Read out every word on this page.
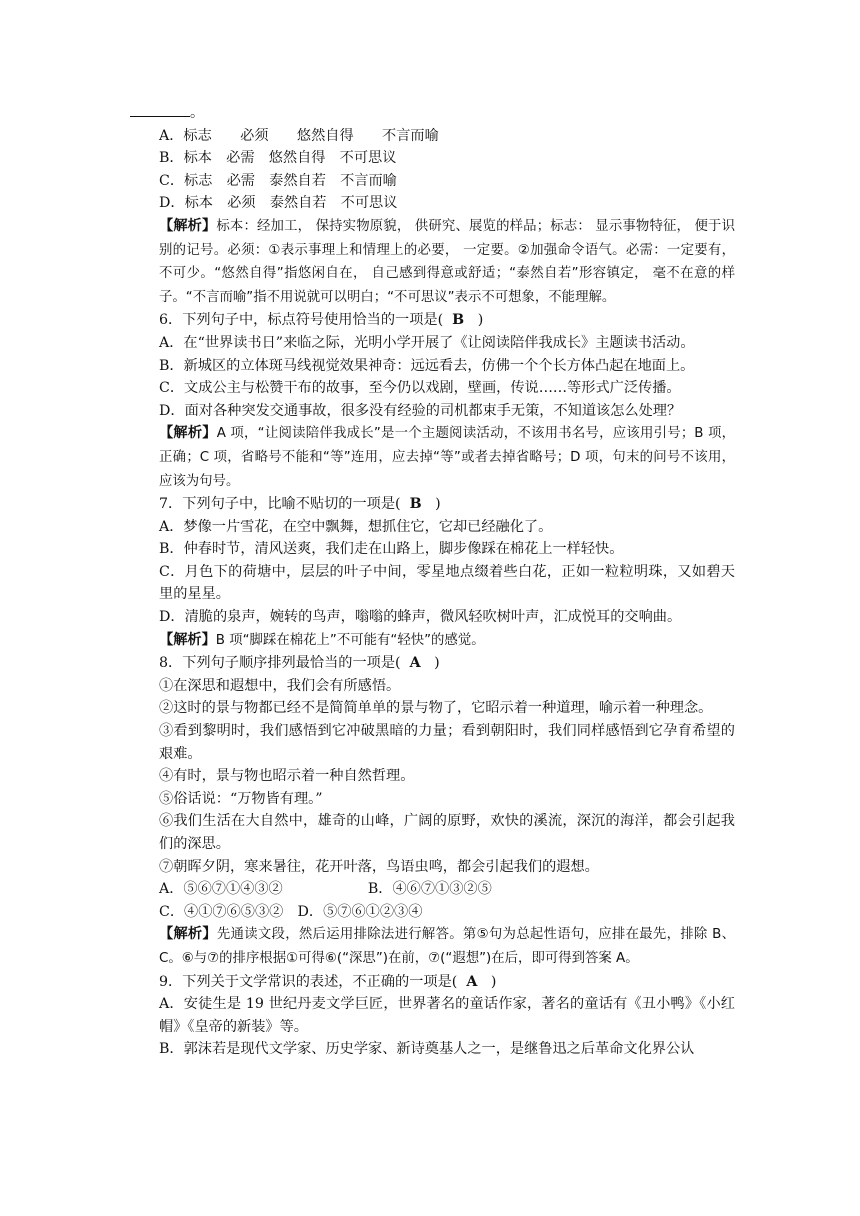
。
A．标志　　必须　　悠然自得　　不言而喻
B．标本　必需　悠然自得　不可思议
C．标志　必需　泰然自若　不言而喻
D．标本　必须　泰然自若　不可思议
【解析】标本：经加工， 保持实物原貌， 供研究、展览的样品；标志： 显示事物特征， 便于识别的记号。必须：①表示事理上和情理上的必要， 一定要。②加强命令语气。必需：一定要有， 不可少。“悠然自得”指悠闲自在， 自己感到得意或舒适；“泰然自若”形容镇定， 毫不在意的样子。“不言而喻”指不用说就可以明白；“不可思议”表示不可想象，不能理解。
6．下列句子中，标点符号使用恰当的一项是( B )
A．在“世界读书日”来临之际，光明小学开展了《让阅读陪伴我成长》主题读书活动。
B．新城区的立体斑马线视觉效果神奇：远远看去，仿佛一个个长方体凸起在地面上。
C．文成公主与松赞干布的故事，至今仍以戏剧，壁画，传说……等形式广泛传播。
D．面对各种突发交通事故，很多没有经验的司机都束手无策，不知道该怎么处理？
【解析】A 项，“让阅读陪伴我成长”是一个主题阅读活动，不该用书名号，应该用引号；B 项，正确；C 项，省略号不能和“等”连用，应去掉“等”或者去掉省略号；D 项，句末的问号不该用，应该为句号。
7．下列句子中，比喻不贴切的一项是( B )
A．梦像一片雪花，在空中飘舞，想抓住它，它却已经融化了。
B．仲春时节，清风送爽，我们走在山路上，脚步像踩在棉花上一样轻快。
C．月色下的荷塘中，层层的叶子中间，零星地点缀着些白花，正如一粒粒明珠，又如碧天里的星星。
D．清脆的泉声，婉转的鸟声，嗡嗡的蜂声，微风轻吹树叶声，汇成悦耳的交响曲。
【解析】B 项“脚踩在棉花上”不可能有“轻快”的感觉。
8．下列句子顺序排列最恰当的一项是( A )
①在深思和遐想中，我们会有所感悟。
②这时的景与物都已经不是简简单单的景与物了，它昭示着一种道理，喻示着一种理念。
③看到黎明时，我们感悟到它冲破黑暗的力量；看到朝阳时，我们同样感悟到它孕育希望的艰难。
④有时，景与物也昭示着一种自然哲理。
⑤俗话说：“万物皆有理。”
⑥我们生活在大自然中，雄奇的山峰，广阔的原野，欢快的溪流，深沉的海洋，都会引起我们的深思。
⑦朝晖夕阴，寒来暑往，花开叶落，鸟语虫鸣，都会引起我们的遐想。
A．⑤⑥⑦①④③②　　　　　　B．④⑥⑦①③②⑤
C．④①⑦⑥⑤③②　D．⑤⑦⑥①②③④
【解析】先通读文段，然后运用排除法进行解答。第⑤句为总起性语句，应排在最先，排除 B、C。⑥与⑦的排序根据①可得⑥(“深思”)在前，⑦(“遐想”)在后，即可得到答案 A。
9．下列关于文学常识的表述，不正确的一项是( A )
A．安徒生是 19 世纪丹麦文学巨匠，世界著名的童话作家，著名的童话有《丑小鸭》《小红帽》《皇帝的新装》等。
B．郭沫若是现代文学家、历史学家、新诗奠基人之一，是继鲁迅之后革命文化界公认
